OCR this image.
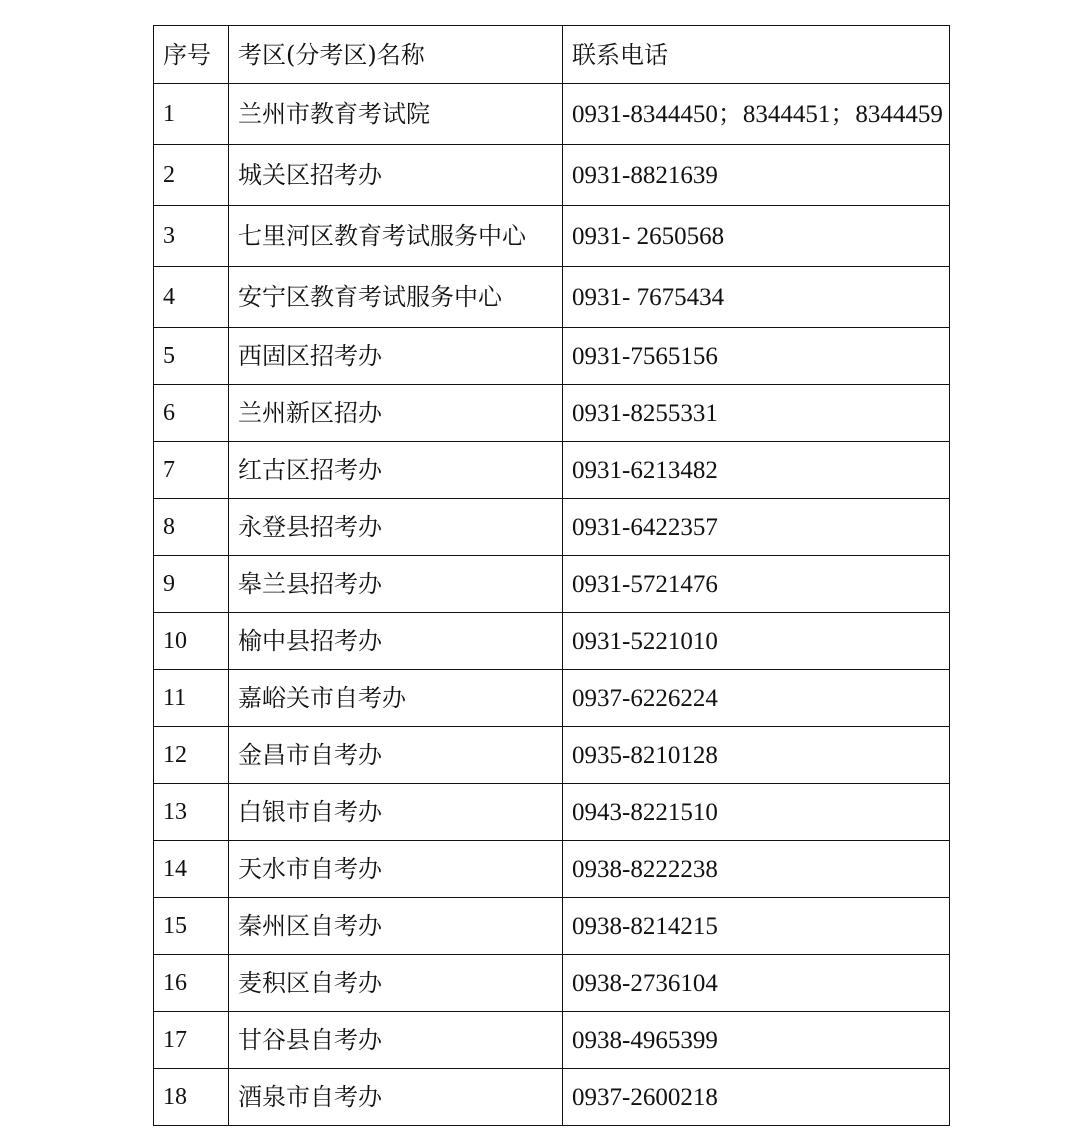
序号	考区(分考区)名称	联系电话
1	兰州市教育考试院	0931-8344450；8344451；8344459
2	城关区招考办	0931-8821639
3	七里河区教育考试服务中心	0931- 2650568
4	安宁区教育考试服务中心	0931- 7675434
5	西固区招考办	0931-7565156
6	兰州新区招办	0931-8255331
7	红古区招考办	0931-6213482
8	永登县招考办	0931-6422357
9	皋兰县招考办	0931-5721476
10	榆中县招考办	0931-5221010
11	嘉峪关市自考办	0937-6226224
12	金昌市自考办	0935-8210128
13	白银市自考办	0943-8221510
14	天水市自考办	0938-8222238
15	秦州区自考办	0938-8214215
16	麦积区自考办	0938-2736104
17	甘谷县自考办	0938-4965399
18	酒泉市自考办	0937-2600218
